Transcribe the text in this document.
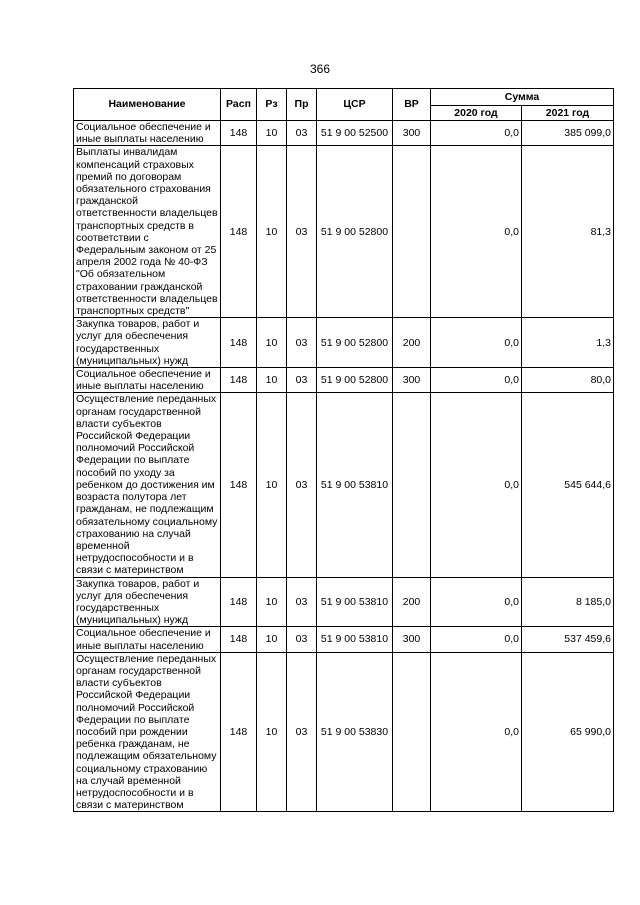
366
Наименование	Расп	Рз	Пр	ЦСР	ВР	Сумма	
						2020 год	2021 год
Социальное обеспечение и иные выплаты населению	148	10	03	51 9 00 52500	300	0,0	385 099,0
Выплаты инвалидам компенсаций страховых премий по договорам обязательного страхования гражданской ответственности владельцев транспортных средств в соответствии с Федеральным законом от 25 апреля 2002 года № 40-ФЗ "Об обязательном страховании гражданской ответственности владельцев транспортных средств"	148	10	03	51 9 00 52800		0,0	81,3
Закупка товаров, работ и услуг для обеспечения государственных (муниципальных) нужд	148	10	03	51 9 00 52800	200	0,0	1,3
Социальное обеспечение и иные выплаты населению	148	10	03	51 9 00 52800	300	0,0	80,0
Осуществление переданных органам государственной власти субъектов Российской Федерации полномочий Российской Федерации по выплате пособий по уходу за ребенком до достижения им возраста полутора лет гражданам, не подлежащим обязательному социальному страхованию на случай временной нетрудоспособности и в связи с материнством	148	10	03	51 9 00 53810		0,0	545 644,6
Закупка товаров, работ и услуг для обеспечения государственных (муниципальных) нужд	148	10	03	51 9 00 53810	200	0,0	8 185,0
Социальное обеспечение и иные выплаты населению	148	10	03	51 9 00 53810	300	0,0	537 459,6
Осуществление переданных органам государственной власти субъектов Российской Федерации полномочий Российской Федерации по выплате пособий при рождении ребенка гражданам, не подлежащим обязательному социальному страхованию на случай временной нетрудоспособности и в связи с материнством	148	10	03	51 9 00 53830		0,0	65 990,0
